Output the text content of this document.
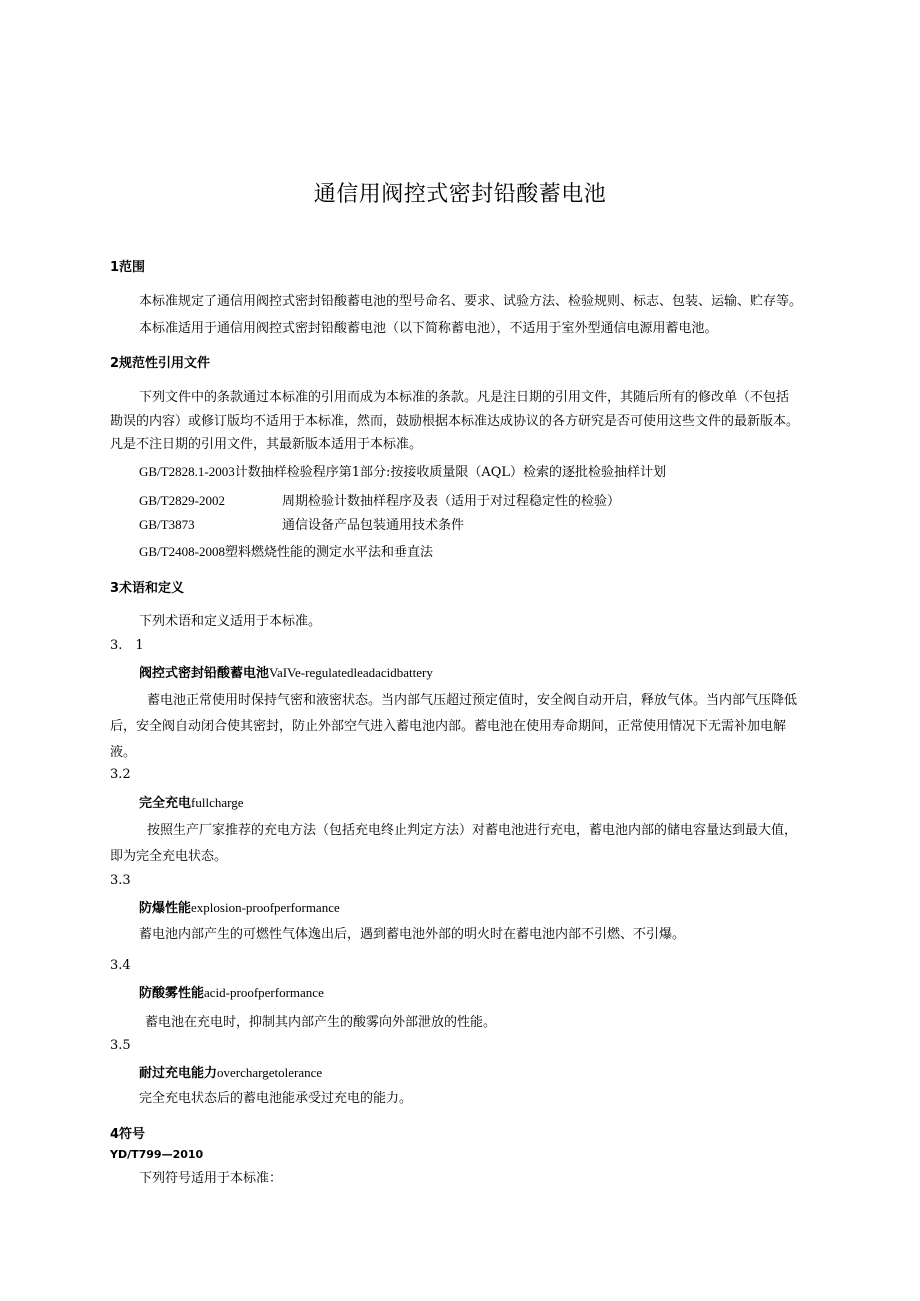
通信用阀控式密封铅酸蓄电池
1范围
本标准规定了通信用阀控式密封铅酸蓄电池的型号命名、要求、试验方法、检验规则、标志、包装、运输、贮存等。
本标准适用于通信用阀控式密封铅酸蓄电池（以下简称蓄电池），不适用于室外型通信电源用蓄电池。
2规范性引用文件
下列文件中的条款通过本标准的引用而成为本标准的条款。凡是注日期的引用文件，其随后所有的修改单（不包括
勘误的内容）或修订版均不适用于本标准，然而，鼓励根据本标准达成协议的各方研究是否可使用这些文件的最新版本。
凡是不注日期的引用文件，其最新版本适用于本标准。
GB/T2828.1-2003计数抽样检验程序第1部分:按接收质量限（AQL）检索的逐批检验抽样计划
GB/T2829-2002	周期检验计数抽样程序及表（适用于对过程稳定性的检验）
GB/T3873	通信设备产品包装通用技术条件
GB/T2408-2008塑料燃烧性能的测定水平法和垂直法
3术语和定义
下列术语和定义适用于本标准。
3.　1
阀控式密封铅酸蓄电池VaIVe-regulatedleadacidbattery
蓄电池正常使用时保持气密和液密状态。当内部气压超过预定值时，安全阀自动开启，释放气体。当内部气压降低
后，安全阀自动闭合使其密封，防止外部空气进入蓄电池内部。蓄电池在使用寿命期间，正常使用情况下无需补加电解
液。
3.2
完全充电fullcharge
按照生产厂家推荐的充电方法（包括充电终止判定方法）对蓄电池进行充电，蓄电池内部的储电容量达到最大值，
即为完全充电状态。
3.3
防爆性能explosion-proofperformance
蓄电池内部产生的可燃性气体逸出后，遇到蓄电池外部的明火时在蓄电池内部不引燃、不引爆。
3.4
防酸雾性能acid-proofperformance
蓄电池在充电时，抑制其内部产生的酸雾向外部泄放的性能。
3.5
耐过充电能力overchargetolerance
完全充电状态后的蓄电池能承受过充电的能力。
4符号
YD/T799—2010
下列符号适用于本标准：
